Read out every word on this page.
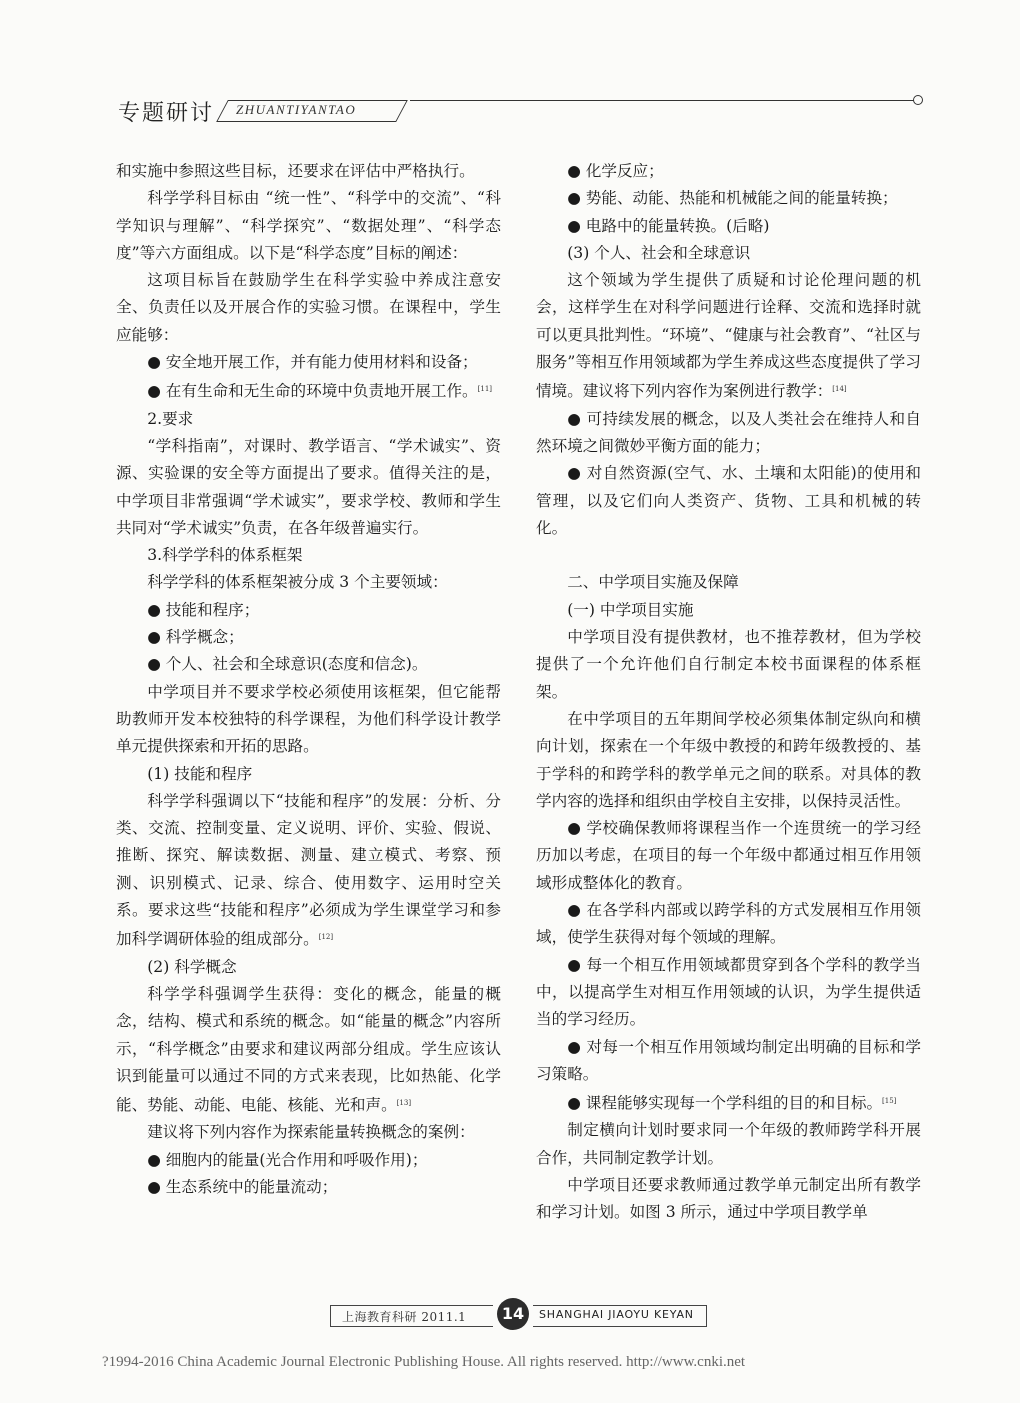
专题研讨 ZHUANTIYANTAO

和实施中参照这些目标，还要求在评估中严格执行。

科学学科目标由 “统一性”、“科学中的交流”、“科学知识与理解”、“科学探究”、“数据处理”、“科学态度”等六方面组成。以下是“科学态度”目标的阐述：

这项目标旨在鼓励学生在科学实验中养成注意安全、负责任以及开展合作的实验习惯。在课程中，学生应能够：

● 安全地开展工作，并有能力使用材料和设备；

● 在有生命和无生命的环境中负责地开展工作。[11]

2.要求

“学科指南”，对课时、教学语言、“学术诚实”、资源、实验课的安全等方面提出了要求。值得关注的是，中学项目非常强调“学术诚实”，要求学校、教师和学生共同对“学术诚实”负责，在各年级普遍实行。

3.科学学科的体系框架

科学学科的体系框架被分成 3 个主要领域：

● 技能和程序；

● 科学概念；

● 个人、社会和全球意识(态度和信念)。

中学项目并不要求学校必须使用该框架，但它能帮助教师开发本校独特的科学课程，为他们科学设计教学单元提供探索和开拓的思路。

(1) 技能和程序

科学学科强调以下“技能和程序”的发展：分析、分类、交流、控制变量、定义说明、评价、实验、假说、推断、探究、解读数据、测量、建立模式、考察、预测、识别模式、记录、综合、使用数字、运用时空关系。要求这些“技能和程序”必须成为学生课堂学习和参加科学调研体验的组成部分。[12]

(2) 科学概念

科学学科强调学生获得：变化的概念，能量的概念，结构、模式和系统的概念。如“能量的概念”内容所示，“科学概念”由要求和建议两部分组成。学生应该认识到能量可以通过不同的方式来表现，比如热能、化学能、势能、动能、电能、核能、光和声。[13]

建议将下列内容作为探索能量转换概念的案例：

● 细胞内的能量(光合作用和呼吸作用)；

● 生态系统中的能量流动；

● 化学反应；

● 势能、动能、热能和机械能之间的能量转换；

● 电路中的能量转换。(后略)

(3) 个人、社会和全球意识

这个领域为学生提供了质疑和讨论伦理问题的机会，这样学生在对科学问题进行诠释、交流和选择时就可以更具批判性。“环境”、“健康与社会教育”、“社区与服务”等相互作用领域都为学生养成这些态度提供了学习情境。建议将下列内容作为案例进行教学：[14]

● 可持续发展的概念，以及人类社会在维持人和自然环境之间微妙平衡方面的能力；

● 对自然资源(空气、水、土壤和太阳能)的使用和管理，以及它们向人类资产、货物、工具和机械的转化。

二、中学项目实施及保障

(一) 中学项目实施

中学项目没有提供教材，也不推荐教材，但为学校提供了一个允许他们自行制定本校书面课程的体系框架。

在中学项目的五年期间学校必须集体制定纵向和横向计划，探索在一个年级中教授的和跨年级教授的、基于学科的和跨学科的教学单元之间的联系。对具体的教学内容的选择和组织由学校自主安排，以保持灵活性。

● 学校确保教师将课程当作一个连贯统一的学习经历加以考虑，在项目的每一个年级中都通过相互作用领域形成整体化的教育。

● 在各学科内部或以跨学科的方式发展相互作用领域，使学生获得对每个领域的理解。

● 每一个相互作用领域都贯穿到各个学科的教学当中，以提高学生对相互作用领域的认识，为学生提供适当的学习经历。

● 对每一个相互作用领域均制定出明确的目标和学习策略。

● 课程能够实现每一个学科组的目的和目标。[15]

制定横向计划时要求同一个年级的教师跨学科开展合作，共同制定教学计划。

中学项目还要求教师通过教学单元制定出所有教学和学习计划。如图 3 所示，通过中学项目教学单

上海教育科研 2011.1	14	SHANGHAI JIAOYU KEYAN
?1994-2016 China Academic Journal Electronic Publishing House. All rights reserved. http://www.cnki.net
